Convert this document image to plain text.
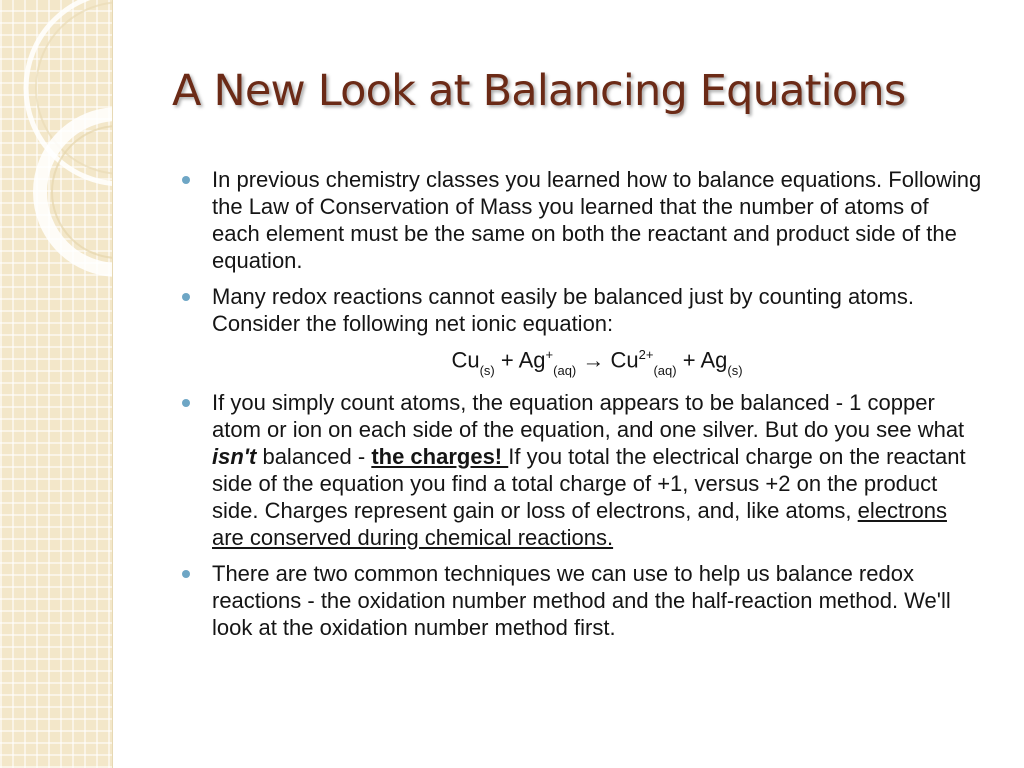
A New Look at Balancing Equations
In previous chemistry classes you learned how to balance equations. Following the Law of Conservation of Mass you learned that the number of atoms of each element must be the same on both the reactant and product side of the equation.
Many redox reactions cannot easily be balanced just by counting atoms. Consider the following net ionic equation:
$Cu_{(s)} + Ag^+_{(aq)} \to Cu^{2+}_{(aq)} + Ag_{(s)}$
If you simply count atoms, the equation appears to be balanced - 1 copper atom or ion on each side of the equation, and one silver. But do you see what isn't balanced - the charges! If you total the electrical charge on the reactant side of the equation you find a total charge of +1, versus +2 on the product side. Charges represent gain or loss of electrons, and, like atoms, electrons are conserved during chemical reactions.
There are two common techniques we can use to help us balance redox reactions - the oxidation number method and the half-reaction method. We'll look at the oxidation number method first.
